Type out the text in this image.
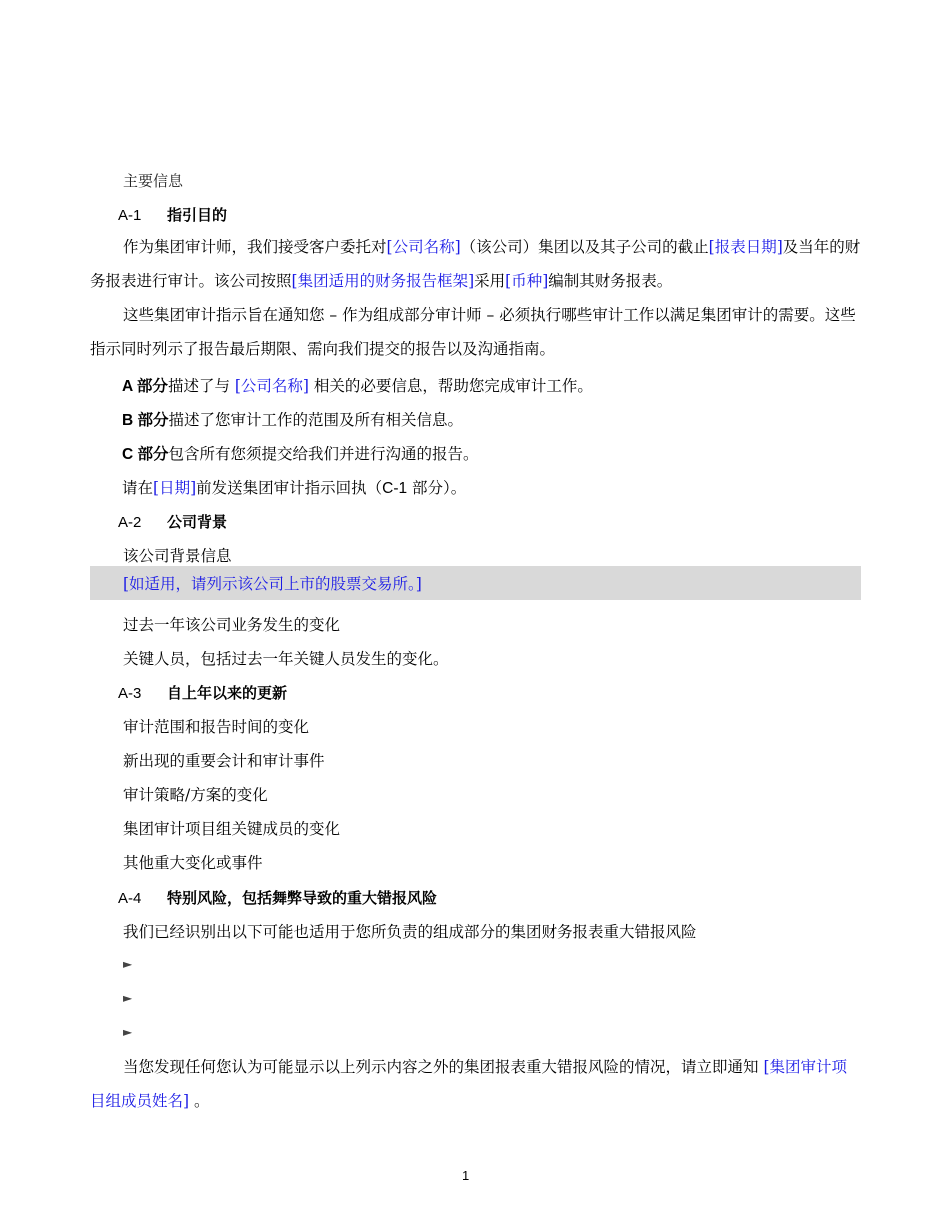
主要信息
A-1 指引目的
作为集团审计师，我们接受客户委托对[公司名称]（该公司）集团以及其子公司的截止[报表日期]及当年的财务报表进行审计。该公司按照[集团适用的财务报告框架]采用[币种]编制其财务报表。
这些集团审计指示旨在通知您 – 作为组成部分审计师 – 必须执行哪些审计工作以满足集团审计的需要。这些指示同时列示了报告最后期限、需向我们提交的报告以及沟通指南。
A 部分描述了与 [公司名称] 相关的必要信息，帮助您完成审计工作。
B 部分描述了您审计工作的范围及所有相关信息。
C 部分包含所有您须提交给我们并进行沟通的报告。
请在[日期]前发送集团审计指示回执（C-1 部分）。
A-2 公司背景
该公司背景信息
[如适用，请列示该公司上市的股票交易所。]
过去一年该公司业务发生的变化
关键人员，包括过去一年关键人员发生的变化。
A-3 自上年以来的更新
审计范围和报告时间的变化
新出现的重要会计和审计事件
审计策略/方案的变化
集团审计项目组关键成员的变化
其他重大变化或事件
A-4 特别风险，包括舞弊导致的重大错报风险
我们已经识别出以下可能也适用于您所负责的组成部分的集团财务报表重大错报风险
►
►
►
当您发现任何您认为可能显示以上列示内容之外的集团报表重大错报风险的情况，请立即通知 [集团审计项目组成员姓名] 。
1
